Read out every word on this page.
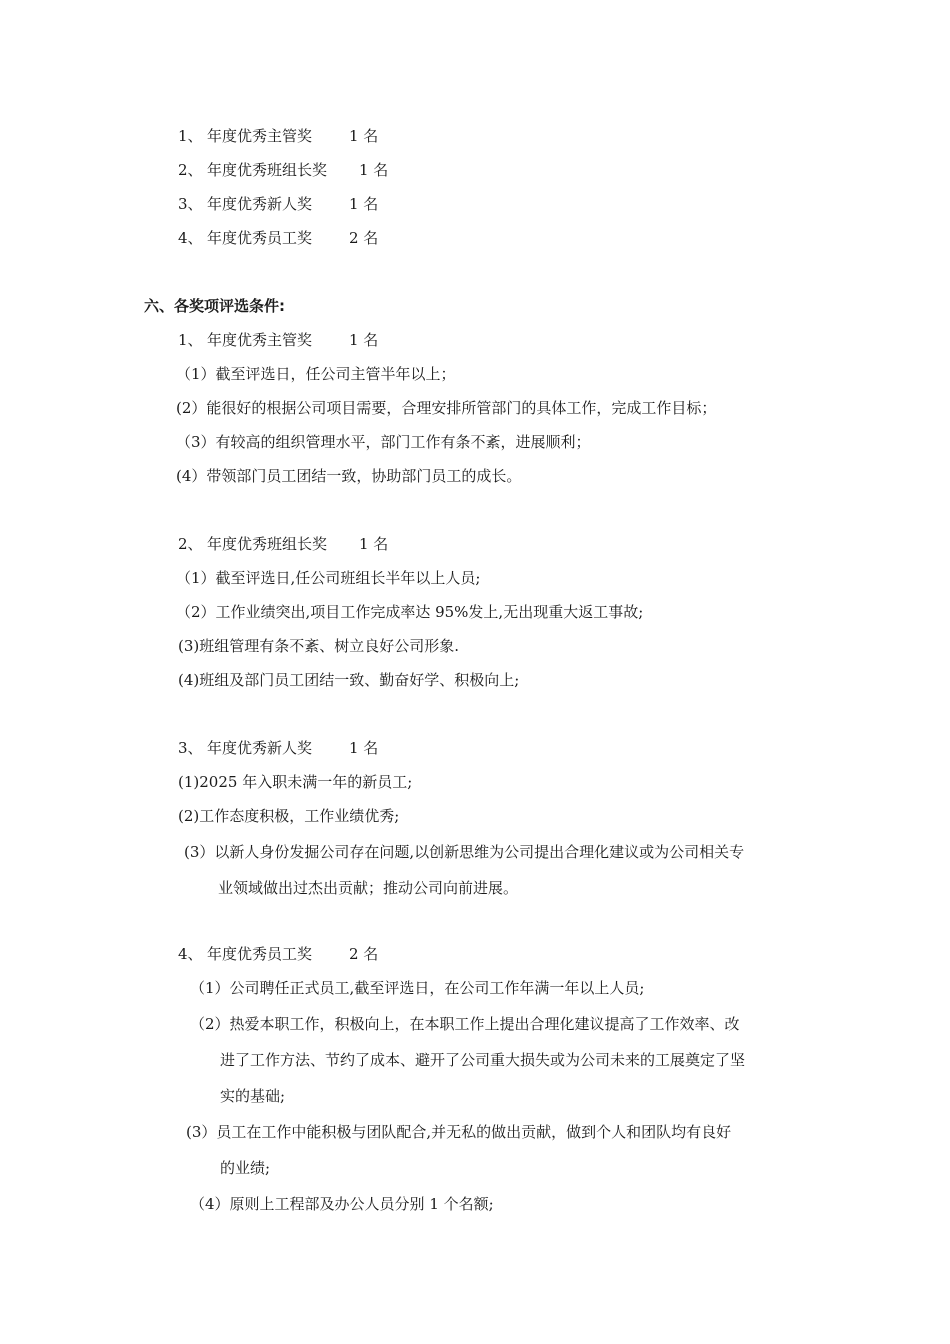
1、 年度优秀主管奖 1 名
2、 年度优秀班组长奖 1 名
3、 年度优秀新人奖 1 名
4、 年度优秀员工奖 2 名
六、各奖项评选条件:
1、 年度优秀主管奖 1 名
（1）截至评选日，任公司主管半年以上；
(2）能很好的根据公司项目需要，合理安排所管部门的具体工作，完成工作目标；
（3）有较高的组织管理水平，部门工作有条不紊，进展顺利；
(4）带领部门员工团结一致，协助部门员工的成长。
2、 年度优秀班组长奖 1 名
（1）截至评选日,任公司班组长半年以上人员;
（2）工作业绩突出,项目工作完成率达 95%发上,无出现重大返工事故;
(3)班组管理有条不紊、树立良好公司形象.
(4)班组及部门员工团结一致、勤奋好学、积极向上;
3、 年度优秀新人奖 1 名
(1)2025 年入职未满一年的新员工;
(2)工作态度积极，工作业绩优秀;
(3）以新人身份发掘公司存在问题,以创新思维为公司提出合理化建议或为公司相关专
业领域做出过杰出贡献；推动公司向前进展。
4、 年度优秀员工奖 2 名
（1）公司聘任正式员工,截至评选日，在公司工作年满一年以上人员;
（2）热爱本职工作，积极向上，在本职工作上提出合理化建议提高了工作效率、改
进了工作方法、节约了成本、避开了公司重大损失或为公司未来的工展奠定了坚
实的基础;
(3）员工在工作中能积极与团队配合,并无私的做出贡献，做到个人和团队均有良好
的业绩;
（4）原则上工程部及办公人员分别 1 个名额;
